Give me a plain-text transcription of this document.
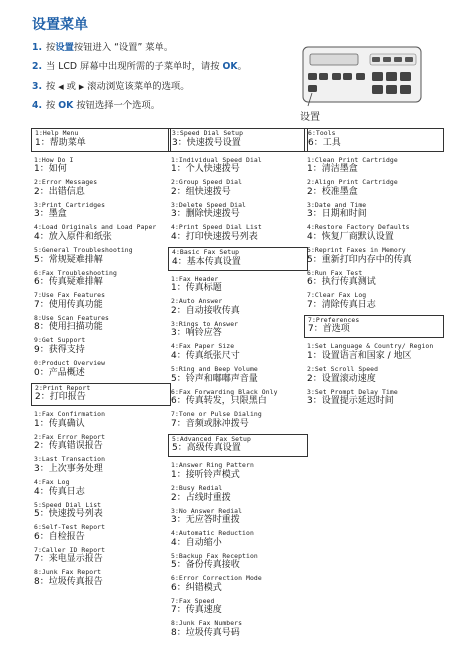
设置菜单
1. 按设置按钮进入 “设置” 菜单。
2. 当 LCD 屏幕中出现所需的子菜单时，请按 OK。
3. 按 ◀ 或 ▶ 滚动浏览该菜单的选项。
4. 按 OK 按钮选择一个选项。
设置
1:Help Menu
1：帮助菜单
1:How Do I
1：如何
2:Error Messages
2：出错信息
3:Print Cartridges
3：墨盒
4:Load Originals and Load Paper
4：放入原件和纸张
5:General Troubleshooting
5：常规疑难排解
6:Fax Troubleshooting
6：传真疑难排解
7:Use Fax Features
7：使用传真功能
8:Use Scan Features
8：使用扫描功能
9:Get Support
9：获得支持
0:Product Overview
0：产品概述
2:Print Report
2：打印报告
1:Fax Confirmation
1：传真确认
2:Fax Error Report
2：传真错误报告
3:Last Transaction
3：上次事务处理
4:Fax Log
4：传真日志
5:Speed Dial List
5：快速拨号列表
6:Self-Test Report
6：自检报告
7:Caller ID Report
7：来电显示报告
8:Junk Fax Report
8：垃圾传真报告
3:Speed Dial Setup
3：快速拨号设置
1:Individual Speed Dial
1：个人快速拨号
2:Group Speed Dial
2：组快速拨号
3:Delete Speed Dial
3：删除快速拨号
4:Print Speed Dial List
4：打印快速拨号列表
4:Basic Fax Setup
4：基本传真设置
1:Fax Header
1：传真标题
2:Auto Answer
2：自动接收传真
3:Rings to Answer
3：响铃应答
4:Fax Paper Size
4：传真纸张尺寸
5:Ring and Beep Volume
5：铃声和嘟嘟声音量
6:Fax Forwarding Black Only
6：传真转发，只限黑白
7:Tone or Pulse Dialing
7：音频或脉冲拨号
5:Advanced Fax Setup
5：高级传真设置
1:Answer Ring Pattern
1：接听铃声模式
2:Busy Redial
2：占线时重拨
3:No Answer Redial
3：无应答时重拨
4:Automatic Reduction
4：自动缩小
5:Backup Fax Reception
5：备份传真接收
6:Error Correction Mode
6：纠错模式
7:Fax Speed
7：传真速度
8:Junk Fax Numbers
8：垃圾传真号码
6:Tools
6：工具
1:Clean Print Cartridge
1：清洁墨盒
2:Align Print Cartridge
2：校准墨盒
3:Date and Time
3：日期和时间
4:Restore Factory Defaults
4：恢复厂商默认设置
5:Reprint Faxes in Memory
5：重新打印内存中的传真
6:Run Fax Test
6：执行传真测试
7:Clear Fax Log
7：清除传真日志
7:Preferences
7：首选项
1:Set Language & Country/ Region
1：设置语言和国家 / 地区
2:Set Scroll Speed
2：设置滚动速度
3:Set Prompt Delay Time
3：设置提示延迟时间
